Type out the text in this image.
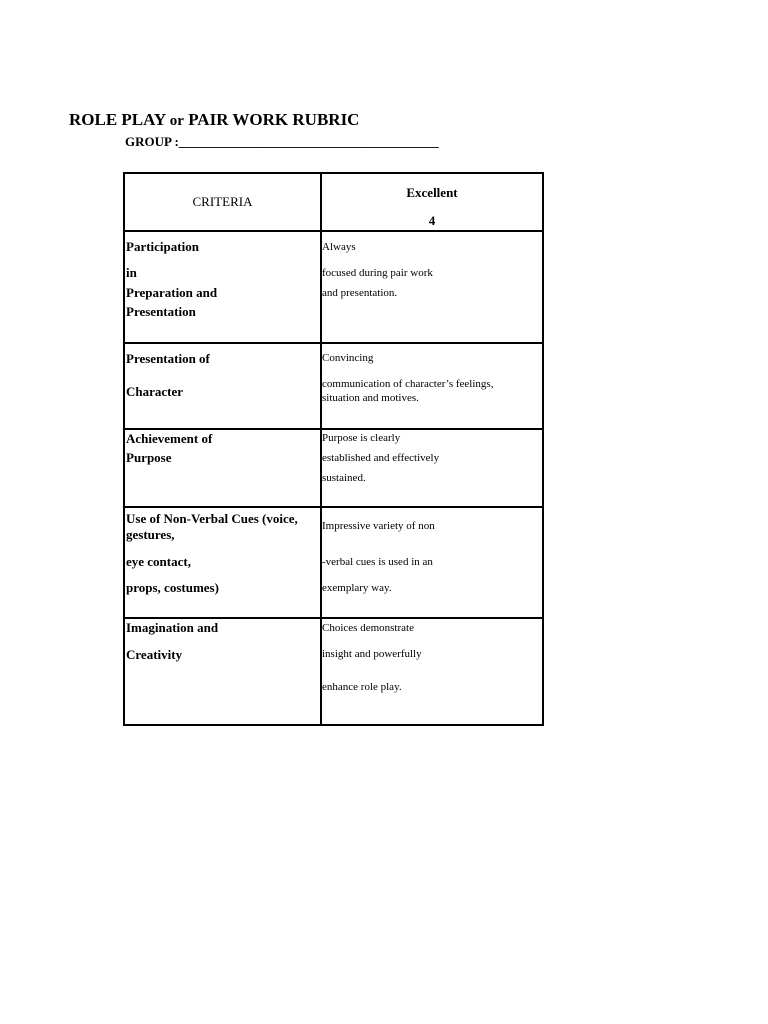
ROLE PLAY or PAIR WORK RUBRIC
GROUP :________________________________________
CRITERIA	Excellent
4

Participation
in
Preparation and
Presentation	Always
focused during pair work
and presentation.

Presentation of
Character	Convincing
communication of character’s feelings,
situation and motives.

Achievement of
Purpose	Purpose is clearly
established and effectively
sustained.

Use of Non-Verbal Cues (voice,
gestures,
eye contact,
props, costumes)	Impressive variety of non
-verbal cues is used in an
exemplary way.

Imagination and
Creativity	Choices demonstrate
insight and powerfully
enhance role play.
